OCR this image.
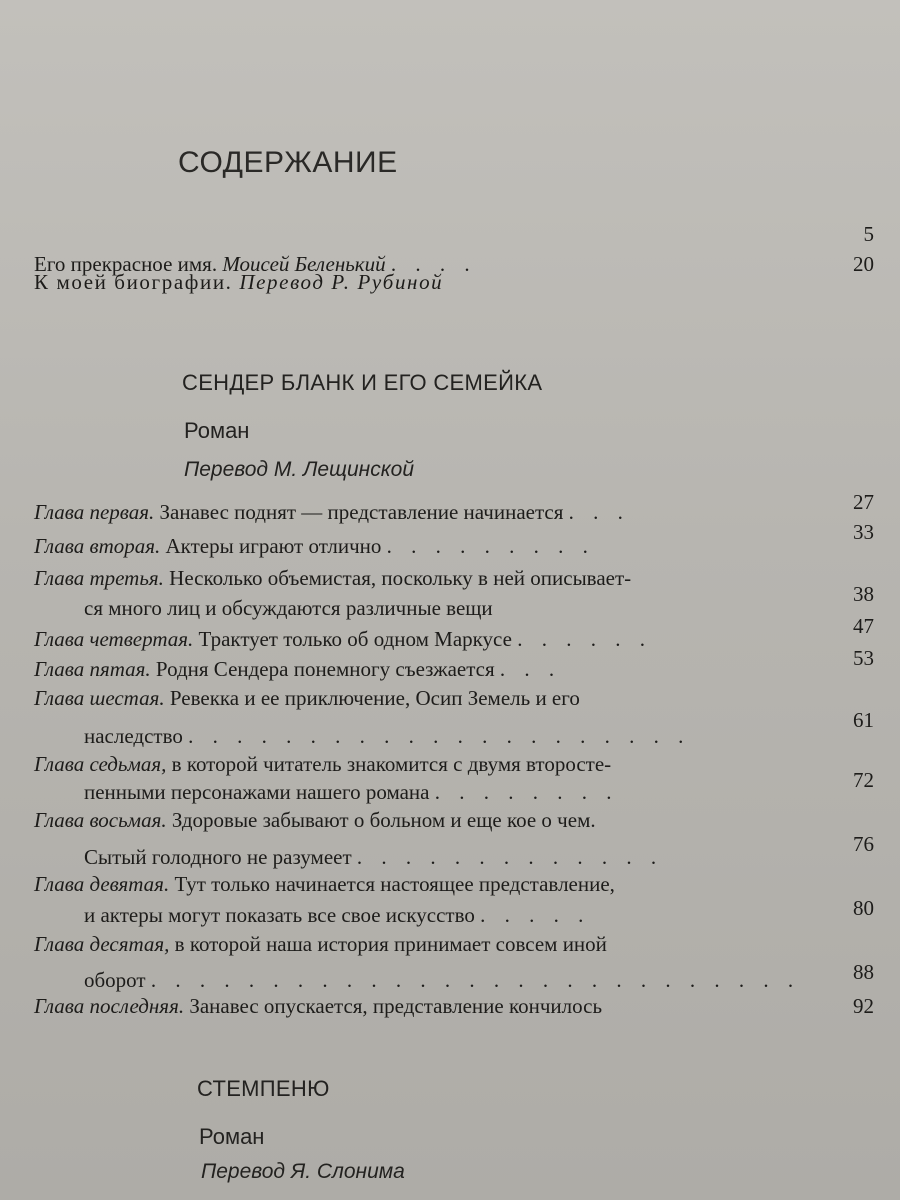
СОДЕРЖАНИЕ
5
Его прекрасное имя. Моисей Беленький . . . .	20
К моей биографии. Перевод Р. Рубиной
СЕНДЕР БЛАНК И ЕГО СЕМЕЙКА
Роман
Перевод М. Лещинской
27
Глава первая. Занавес поднят — представление начинается . . .
33
Глава вторая. Актеры играют отлично . . . . . . . . .
Глава третья. Несколько объемистая, поскольку в ней описывает-
38
ся много лиц и обсуждаются различные вещи
47
Глава четвертая. Трактует только об одном Маркусе . . . . . .
53
Глава пятая. Родня Сендера понемногу съезжается . . .
Глава шестая. Ревекка и ее приключение, Осип Земель и его
61
наследство . . . . . . . . . . . . . . . . . . . . .
Глава седьмая, в которой читатель знакомится с двумя второсте-
72
пенными персонажами нашего романа . . . . . . . .
Глава восьмая. Здоровые забывают о больном и еще кое о чем.
76
Сытый голодного не разумеет . . . . . . . . . . . . .
Глава девятая. Тут только начинается настоящее представление,
80
и актеры могут показать все свое искусство . . . . .
Глава десятая, в которой наша история принимает совсем иной
88
оборот . . . . . . . . . . . . . . . . . . . . . . . . . . .
Глава последняя. Занавес опускается, представление кончилось	92
СТЕМПЕНЮ
Роман
Перевод Я. Слонима
